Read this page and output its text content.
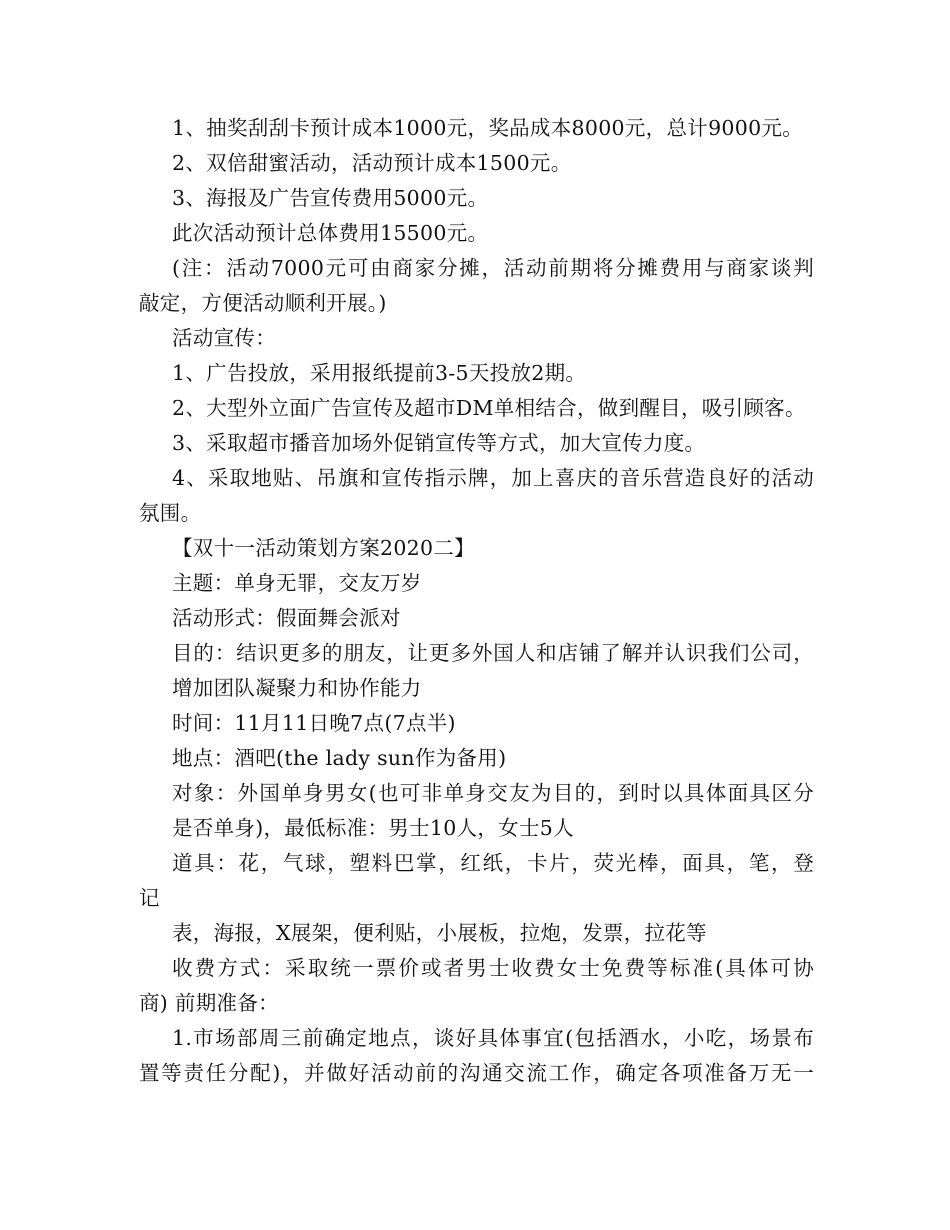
1、抽奖刮刮卡预计成本1000元，奖品成本8000元，总计9000元。
2、双倍甜蜜活动，活动预计成本1500元。
3、海报及广告宣传费用5000元。
此次活动预计总体费用15500元。
(注：活动7000元可由商家分摊，活动前期将分摊费用与商家谈判
敲定，方便活动顺利开展。)
活动宣传：
1、广告投放，采用报纸提前3-5天投放2期。
2、大型外立面广告宣传及超市DM单相结合，做到醒目，吸引顾客。
3、采取超市播音加场外促销宣传等方式，加大宣传力度。
4、采取地贴、吊旗和宣传指示牌，加上喜庆的音乐营造良好的活动
氛围。
【双十一活动策划方案2020二】
主题：单身无罪，交友万岁
活动形式：假面舞会派对
目的：结识更多的朋友，让更多外国人和店铺了解并认识我们公司，
增加团队凝聚力和协作能力
时间：11月11日晚7点(7点半)
地点：酒吧(the lady sun作为备用)
对象：外国单身男女(也可非单身交友为目的，到时以具体面具区分
是否单身)，最低标准：男士10人，女士5人
道具：花，气球，塑料巴掌，红纸，卡片，荧光棒，面具，笔，登
记
表，海报，X展架，便利贴，小展板，拉炮，发票，拉花等
收费方式：采取统一票价或者男士收费女士免费等标准(具体可协
商) 前期准备：
1.市场部周三前确定地点，谈好具体事宜(包括酒水，小吃，场景布
置等责任分配)，并做好活动前的沟通交流工作，确定各项准备万无一
